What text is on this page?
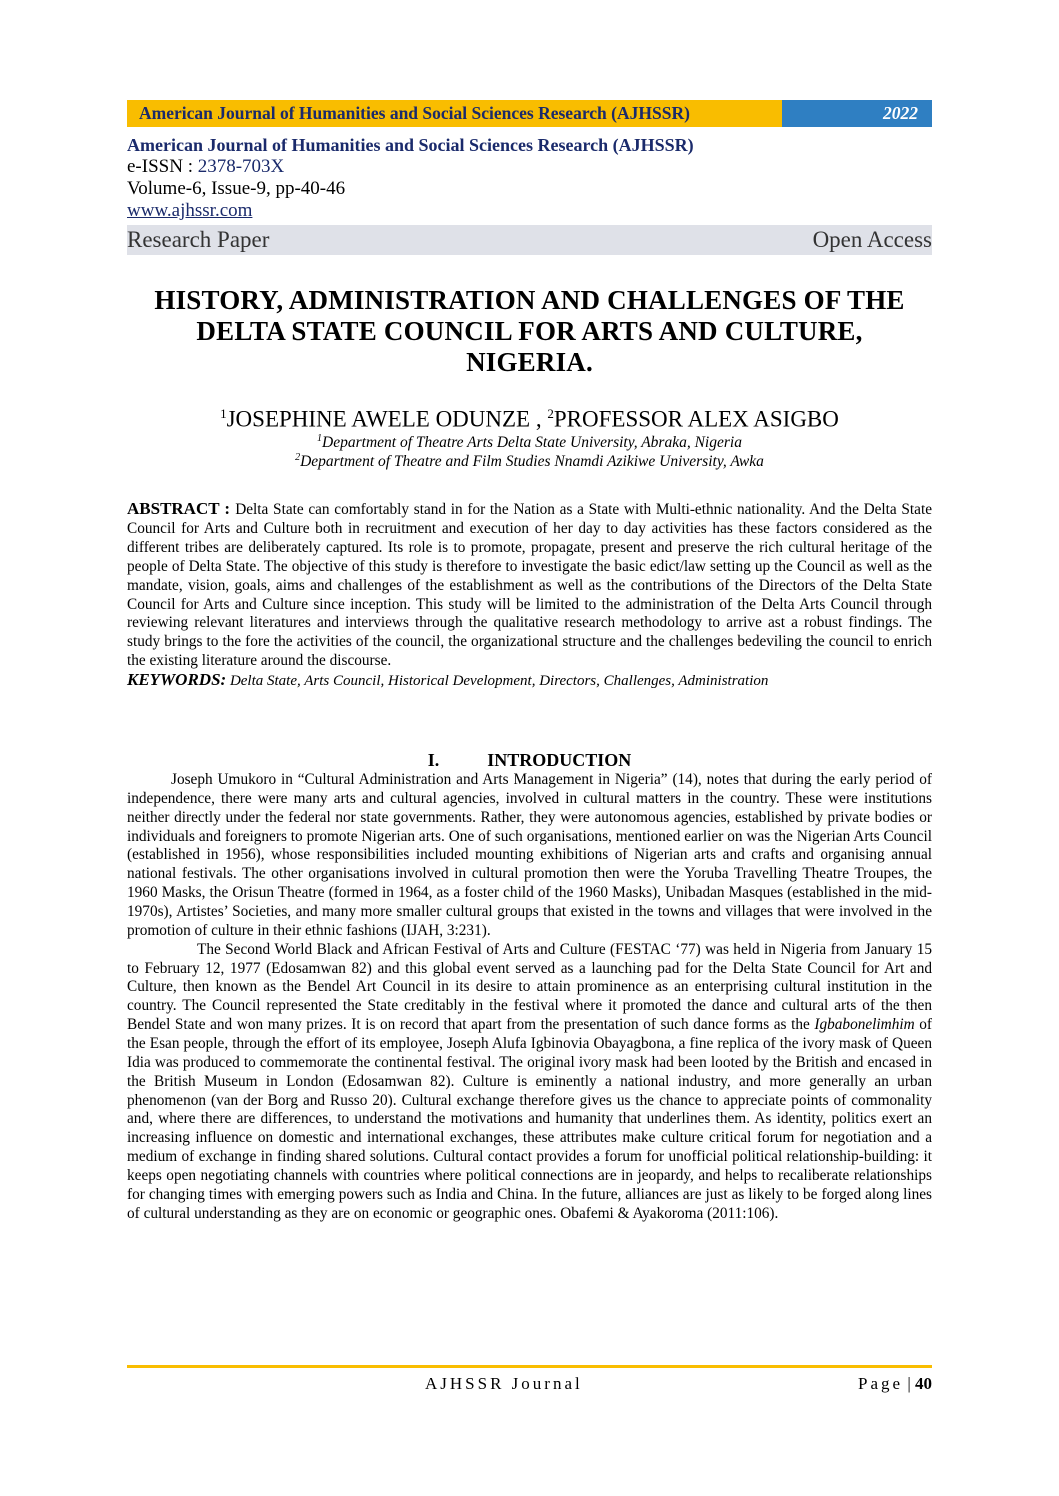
American Journal of Humanities and Social Sciences Research (AJHSSR)	2022
American Journal of Humanities and Social Sciences Research (AJHSSR)
e-ISSN : 2378-703X
Volume-6, Issue-9, pp-40-46
www.ajhssr.com
Research Paper	Open Access
HISTORY, ADMINISTRATION AND CHALLENGES OF THE
DELTA STATE COUNCIL FOR ARTS AND CULTURE,
NIGERIA.
$^1$JOSEPHINE AWELE ODUNZE , $^2$PROFESSOR ALEX ASIGBO
$^1$Department of Theatre Arts Delta State University, Abraka, Nigeria
$^2$Department of Theatre and Film Studies Nnamdi Azikiwe University, Awka
ABSTRACT : Delta State can comfortably stand in for the Nation as a State with Multi-ethnic nationality. And the Delta State Council for Arts and Culture both in recruitment and execution of her day to day activities has these factors considered as the different tribes are deliberately captured. Its role is to promote, propagate, present and preserve the rich cultural heritage of the people of Delta State. The objective of this study is therefore to investigate the basic edict/law setting up the Council as well as the mandate, vision, goals, aims and challenges of the establishment as well as the contributions of the Directors of the Delta State Council for Arts and Culture since inception. This study will be limited to the administration of the Delta Arts Council through reviewing relevant literatures and interviews through the qualitative research methodology to arrive ast a robust findings. The study brings to the fore the activities of the council, the organizational structure and the challenges bedeviling the council to enrich the existing literature around the discourse.
KEYWORDS: Delta State, Arts Council, Historical Development, Directors, Challenges, Administration
I.	INTRODUCTION

Joseph Umukoro in “Cultural Administration and Arts Management in Nigeria” (14), notes that during the early period of independence, there were many arts and cultural agencies, involved in cultural matters in the country. These were institutions neither directly under the federal nor state governments. Rather, they were autonomous agencies, established by private bodies or individuals and foreigners to promote Nigerian arts. One of such organisations, mentioned earlier on was the Nigerian Arts Council (established in 1956), whose responsibilities included mounting exhibitions of Nigerian arts and crafts and organising annual national festivals. The other organisations involved in cultural promotion then were the Yoruba Travelling Theatre Troupes, the 1960 Masks, the Orisun Theatre (formed in 1964, as a foster child of the 1960 Masks), Unibadan Masques (established in the mid-1970s), Artistes’ Societies, and many more smaller cultural groups that existed in the towns and villages that were involved in the promotion of culture in their ethnic fashions (IJAH, 3:231).

The Second World Black and African Festival of Arts and Culture (FESTAC ‘77) was held in Nigeria from January 15 to February 12, 1977 (Edosamwan 82) and this global event served as a launching pad for the Delta State Council for Art and Culture, then known as the Bendel Art Council in its desire to attain prominence as an enterprising cultural institution in the country. The Council represented the State creditably in the festival where it promoted the dance and cultural arts of the then Bendel State and won many prizes. It is on record that apart from the presentation of such dance forms as the Igbabonelimhim of the Esan people, through the effort of its employee, Joseph Alufa Igbinovia Obayagbona, a fine replica of the ivory mask of Queen Idia was produced to commemorate the continental festival. The original ivory mask had been looted by the British and encased in the British Museum in London (Edosamwan 82). Culture is eminently a national industry, and more generally an urban phenomenon (van der Borg and Russo 20). Cultural exchange therefore gives us the chance to appreciate points of commonality and, where there are differences, to understand the motivations and humanity that underlines them. As identity, politics exert an increasing influence on domestic and international exchanges, these attributes make culture critical forum for negotiation and a medium of exchange in finding shared solutions. Cultural contact provides a forum for unofficial political relationship-building: it keeps open negotiating channels with countries where political connections are in jeopardy, and helps to recaliberate relationships for changing times with emerging powers such as India and China. In the future, alliances are just as likely to be forged along lines of cultural understanding as they are on economic or geographic ones. Obafemi & Ayakoroma (2011:106).

AJHSSR Journal	Page | 40
